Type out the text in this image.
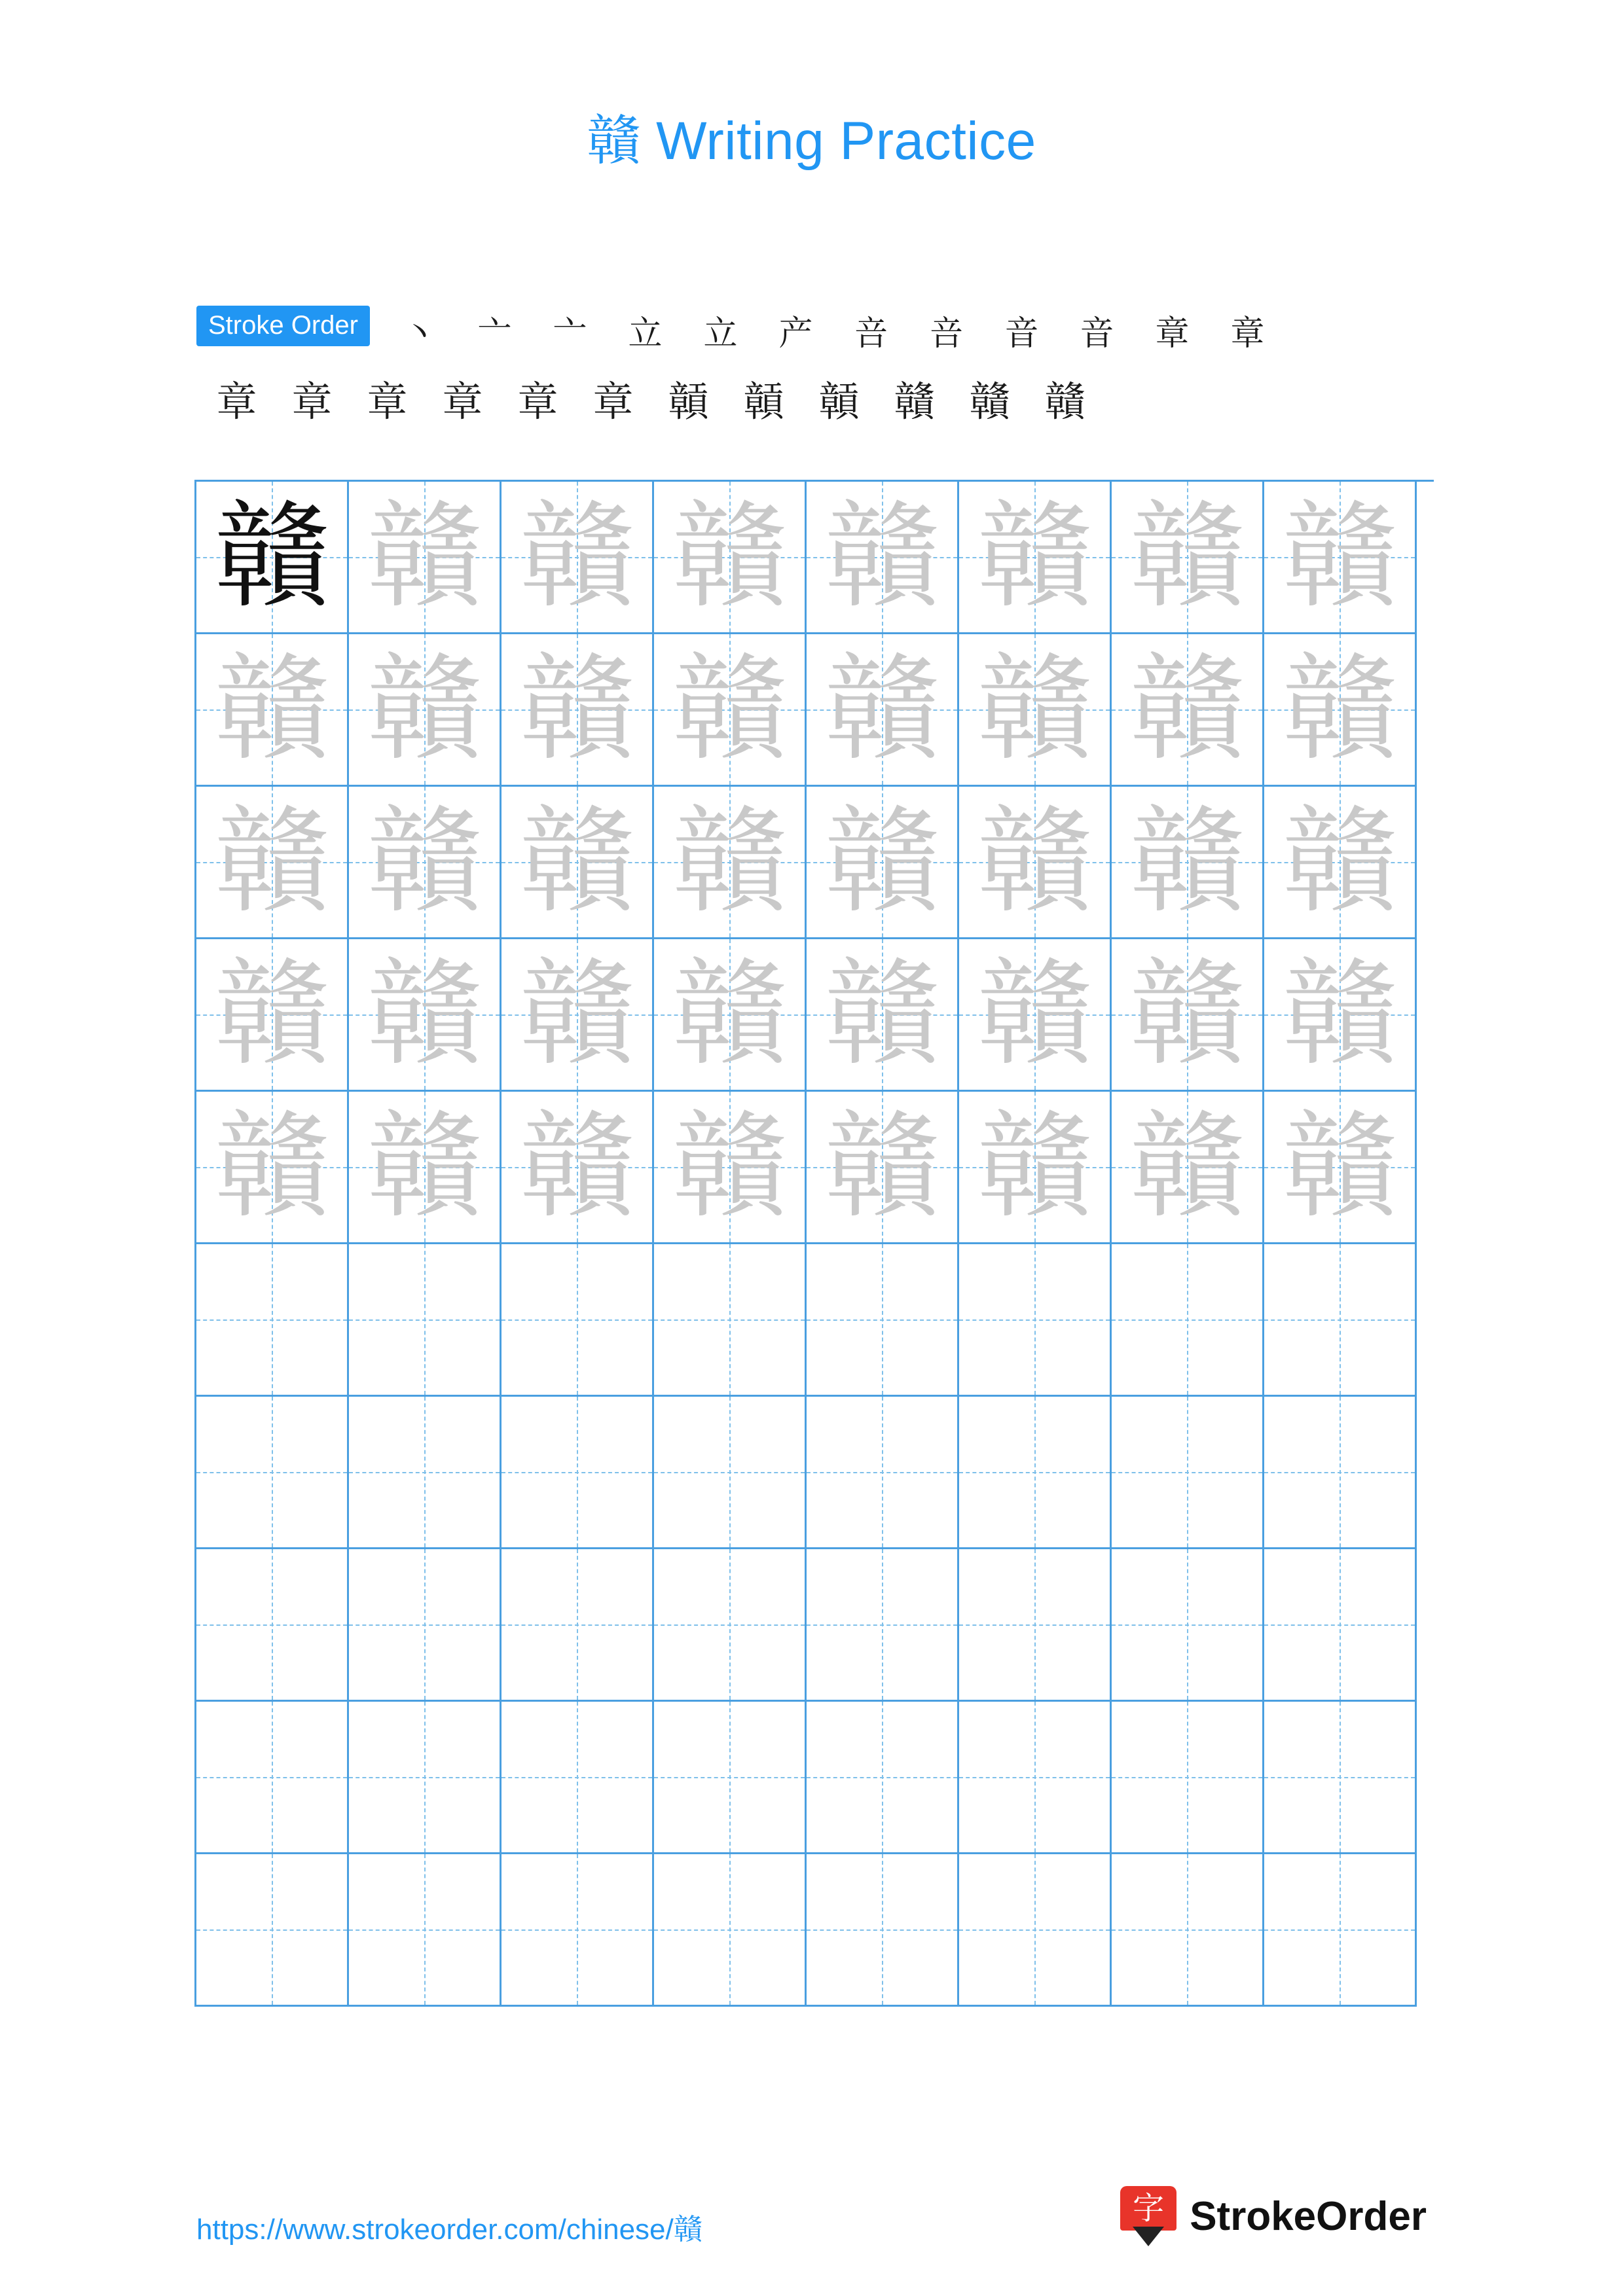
贛 Writing Practice
Stroke Order	丶	亠	亠	立	立	产	咅	咅	音	音	章	章
章 章 章 章 章 章 贑 贑 贑 贛 贛 贛
贛 贛 贛 贛 贛 贛 贛 贛
贛 贛 贛 贛 贛 贛 贛 贛
贛 贛 贛 贛 贛 贛 贛 贛
贛 贛 贛 贛 贛 贛 贛 贛
贛 贛 贛 贛 贛 贛 贛 贛
https://www.strokeorder.com/chinese/贛
字 StrokeOrder
